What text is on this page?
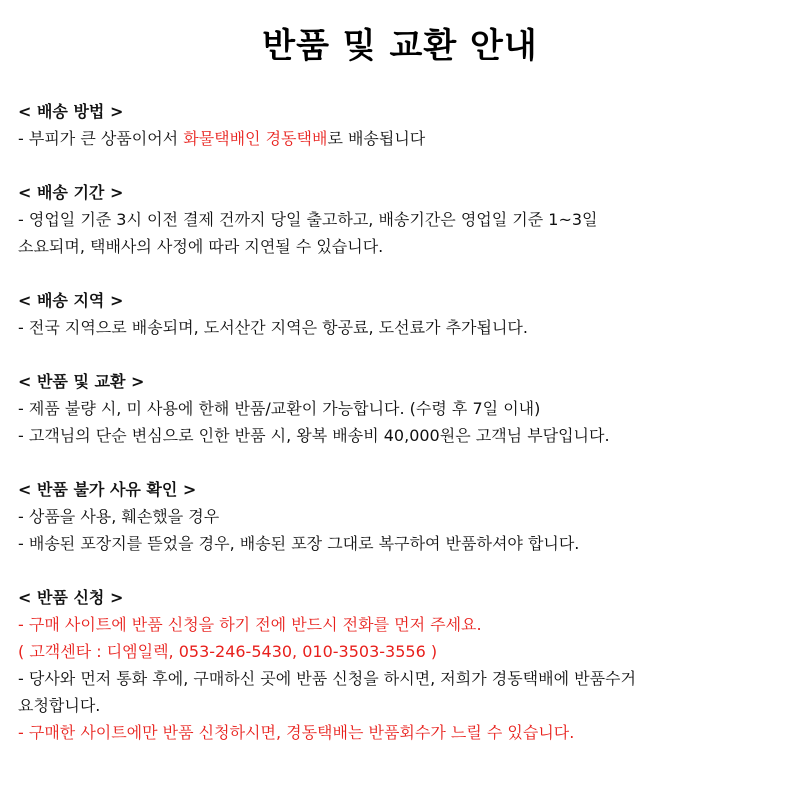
반품 및 교환 안내
< 배송 방법 >
- 부피가 큰 상품이어서 화물택배인 경동택배로 배송됩니다
< 배송 기간 >
- 영업일 기준 3시 이전 결제 건까지 당일 출고하고, 배송기간은 영업일 기준 1~3일
소요되며, 택배사의 사정에 따라 지연될 수 있습니다.
< 배송 지역 >
- 전국 지역으로 배송되며, 도서산간 지역은 항공료, 도선료가 추가됩니다.
< 반품 및 교환 >
- 제품 불량 시, 미 사용에 한해 반품/교환이 가능합니다. (수령 후 7일 이내)
- 고객님의 단순 변심으로 인한 반품 시, 왕복 배송비 40,000원은 고객님 부담입니다.
< 반품 불가 사유 확인 >
- 상품을 사용, 훼손했을 경우
- 배송된 포장지를 뜯었을 경우, 배송된 포장 그대로 복구하여 반품하셔야 합니다.
< 반품 신청 >
- 구매 사이트에 반품 신청을 하기 전에 반드시 전화를 먼저 주세요.
( 고객센타 : 디엠일렉, 053-246-5430, 010-3503-3556 )
- 당사와 먼저 통화 후에, 구매하신 곳에 반품 신청을 하시면, 저희가 경동택배에 반품수거
요청합니다.
- 구매한 사이트에만 반품 신청하시면, 경동택배는 반품회수가 느릴 수 있습니다.
